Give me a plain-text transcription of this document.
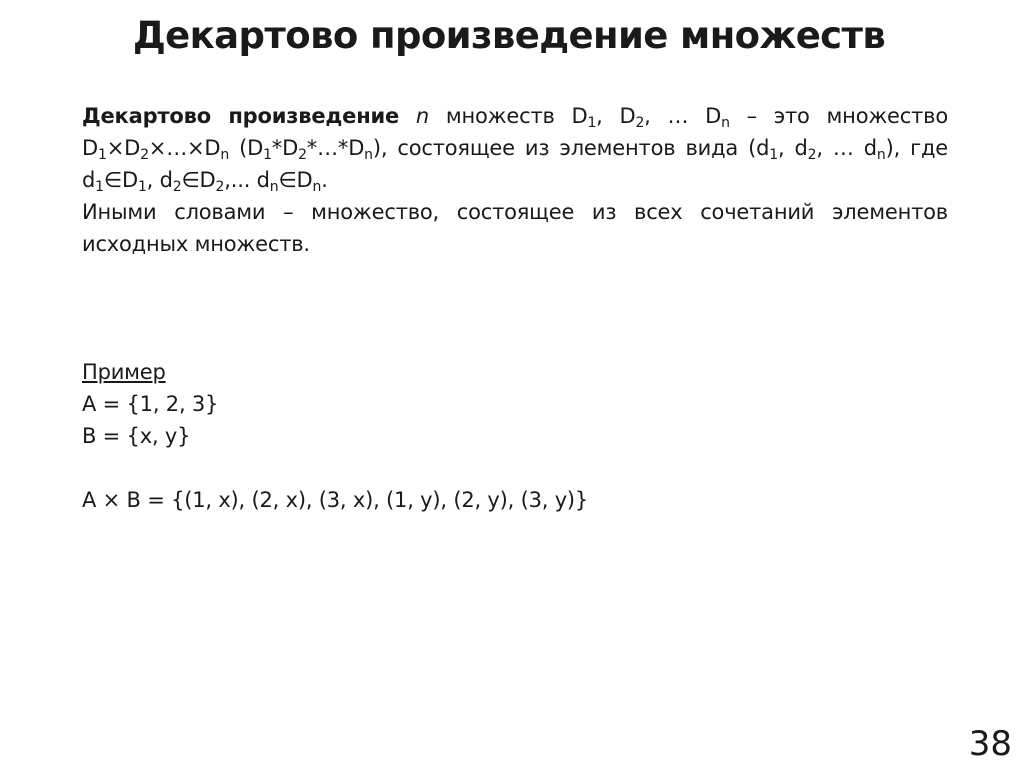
Декартово произведение множеств

Декартово произведение n множеств $D_1$, $D_2$, … $D_n$ – это множество $D_1\times D_2\times\dots\times D_n$ $(D_1*D_2*\dots*D_n)$, состоящее из элементов вида ($d_1$, $d_2$, … $d_n$), где $d_1\in D_1$, $d_2\in D_2$,... $d_n\in D_n$.

Иными словами – множество, состоящее из всех сочетаний элементов исходных множеств.

Пример
A = {1, 2, 3}
B = {x, y}
A × B = {(1, x), (2, x), (3, x), (1, y), (2, y), (3, y)}
38
